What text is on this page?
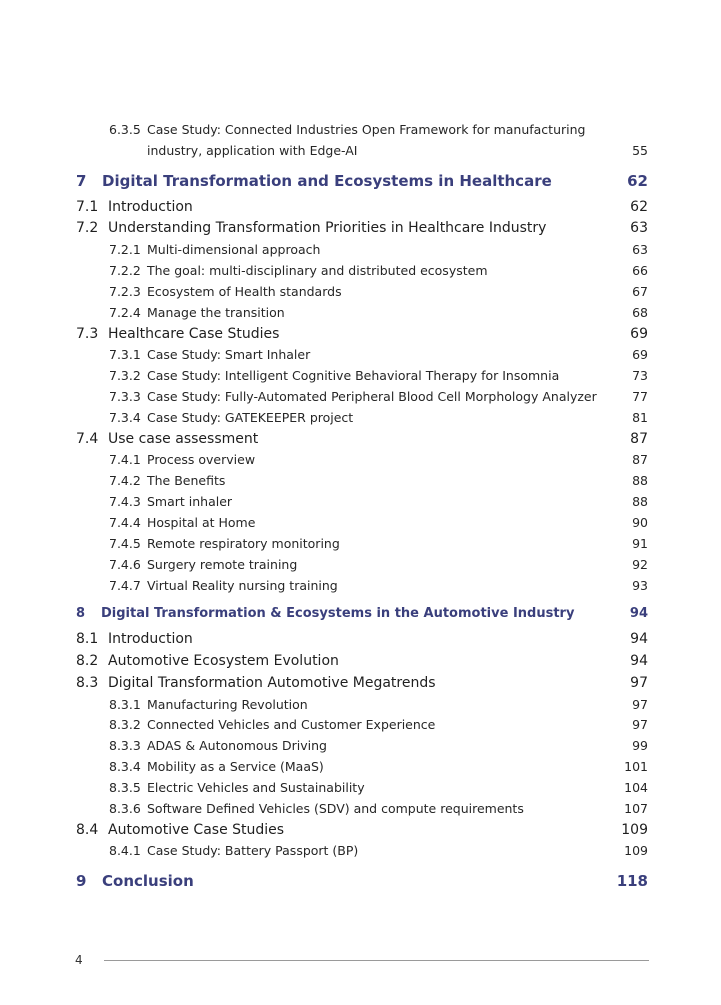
6.3.5 Case Study: Connected Industries Open Framework for manufacturing
industry, application with Edge-AI	55
7 Digital Transformation and Ecosystems in Healthcare	62
7.1 Introduction	62
7.2 Understanding Transformation Priorities in Healthcare Industry	63
7.2.1 Multi-dimensional approach	63
7.2.2 The goal: multi-disciplinary and distributed ecosystem	66
7.2.3 Ecosystem of Health standards	67
7.2.4 Manage the transition	68
7.3 Healthcare Case Studies	69
7.3.1 Case Study: Smart Inhaler	69
7.3.2 Case Study: Intelligent Cognitive Behavioral Therapy for Insomnia	73
7.3.3 Case Study: Fully-Automated Peripheral Blood Cell Morphology Analyzer	77
7.3.4 Case Study: GATEKEEPER project	81
7.4 Use case assessment	87
7.4.1 Process overview	87
7.4.2 The Benefits	88
7.4.3 Smart inhaler	88
7.4.4 Hospital at Home	90
7.4.5 Remote respiratory monitoring	91
7.4.6 Surgery remote training	92
7.4.7 Virtual Reality nursing training	93
8 Digital Transformation & Ecosystems in the Automotive Industry	94
8.1 Introduction	94
8.2 Automotive Ecosystem Evolution	94
8.3 Digital Transformation Automotive Megatrends	97
8.3.1 Manufacturing Revolution	97
8.3.2 Connected Vehicles and Customer Experience	97
8.3.3 ADAS & Autonomous Driving	99
8.3.4 Mobility as a Service (MaaS)	101
8.3.5 Electric Vehicles and Sustainability	104
8.3.6 Software Defined Vehicles (SDV) and compute requirements	107
8.4 Automotive Case Studies	109
8.4.1 Case Study: Battery Passport (BP)	109
9 Conclusion	118
4
